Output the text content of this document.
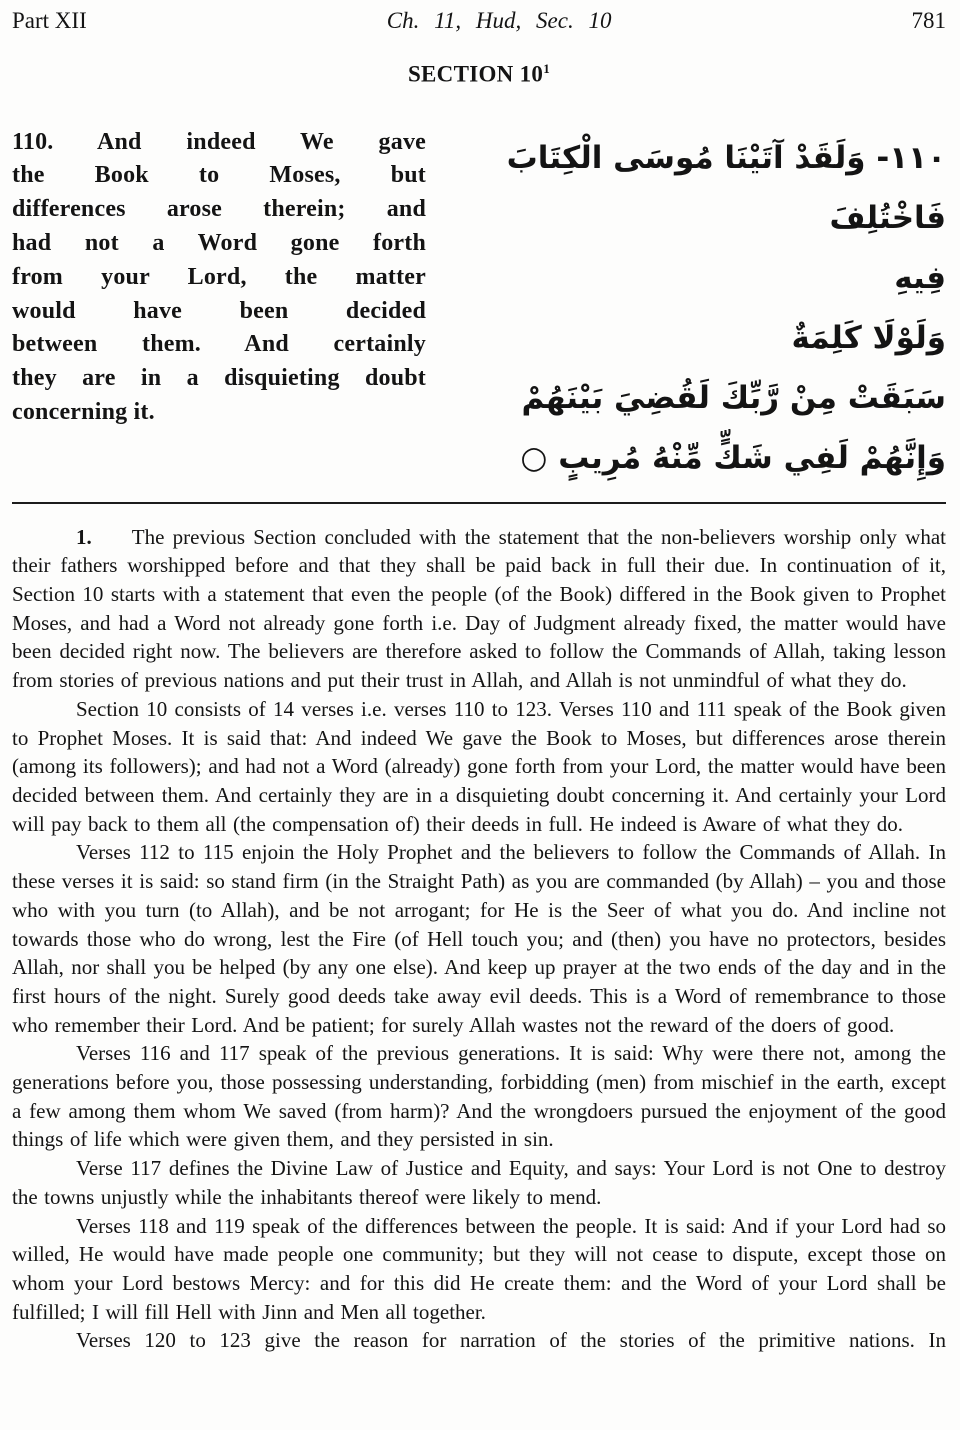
Part XII	Ch. 11, Hud, Sec. 10	781
SECTION $10^1$
110. And indeed We gave
the Book to Moses, but
differences arose therein; and
had not a Word gone forth
from your Lord, the matter
would have been decided
between them. And certainly
they are in a disquieting doubt
concerning it.
١١٠- وَلَقَدْ آتَيْنَا مُوسَى الْكِتَابَ فَاخْتُلِفَ
فِيهِ
وَلَوْلَا كَلِمَةٌ
سَبَقَتْ مِنْ رَّبِّكَ لَقُضِيَ بَيْنَهُمْ
وَإِنَّهُمْ لَفِي شَكٍّ مِّنْهُ مُرِيبٍ ○

1. The previous Section concluded with the statement that the non-believers worship only what their fathers worshipped before and that they shall be paid back in full their due. In continuation of it, Section 10 starts with a statement that even the people (of the Book) differed in the Book given to Prophet Moses, and had a Word not already gone forth i.e. Day of Judgment already fixed, the matter would have been decided right now. The believers are therefore asked to follow the Commands of Allah, taking lesson from stories of previous nations and put their trust in Allah, and Allah is not unmindful of what they do.

Section 10 consists of 14 verses i.e. verses 110 to 123. Verses 110 and 111 speak of the Book given to Prophet Moses. It is said that: And indeed We gave the Book to Moses, but differences arose therein (among its followers); and had not a Word (already) gone forth from your Lord, the matter would have been decided between them. And certainly they are in a disquieting doubt concerning it. And certainly your Lord will pay back to them all (the compensation of) their deeds in full. He indeed is Aware of what they do.

Verses 112 to 115 enjoin the Holy Prophet and the believers to follow the Commands of Allah. In these verses it is said: so stand firm (in the Straight Path) as you are commanded (by Allah) – you and those who with you turn (to Allah), and be not arrogant; for He is the Seer of what you do. And incline not towards those who do wrong, lest the Fire (of Hell touch you; and (then) you have no protectors, besides Allah, nor shall you be helped (by any one else). And keep up prayer at the two ends of the day and in the first hours of the night. Surely good deeds take away evil deeds. This is a Word of remembrance to those who remember their Lord. And be patient; for surely Allah wastes not the reward of the doers of good.

Verses 116 and 117 speak of the previous generations. It is said: Why were there not, among the generations before you, those possessing understanding, forbidding (men) from mischief in the earth, except a few among them whom We saved (from harm)? And the wrongdoers pursued the enjoyment of the good things of life which were given them, and they persisted in sin.

Verse 117 defines the Divine Law of Justice and Equity, and says: Your Lord is not One to destroy the towns unjustly while the inhabitants thereof were likely to mend.

Verses 118 and 119 speak of the differences between the people. It is said: And if your Lord had so willed, He would have made people one community; but they will not cease to dispute, except those on whom your Lord bestows Mercy: and for this did He create them: and the Word of your Lord shall be fulfilled; I will fill Hell with Jinn and Men all together.

Verses 120 to 123 give the reason for narration of the stories of the primitive nations. In
